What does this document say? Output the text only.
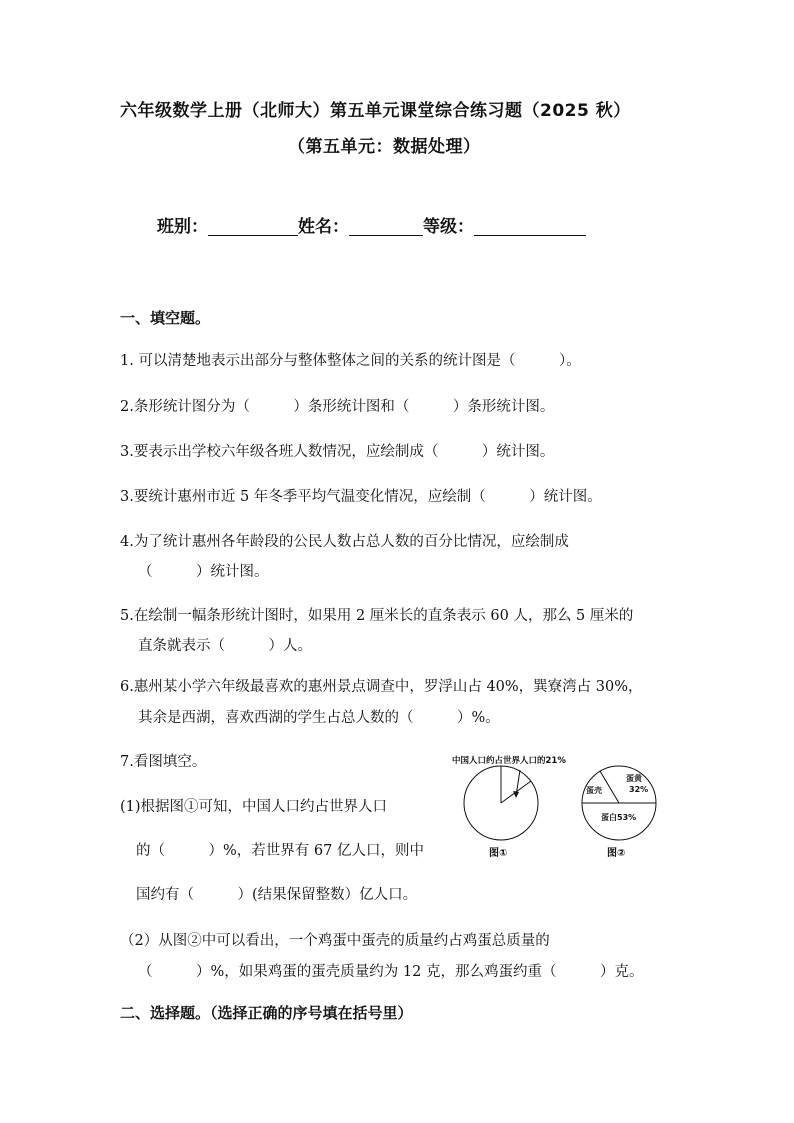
六年级数学上册（北师大）第五单元课堂综合练习题（2025 秋）
（第五单元：数据处理）
班别：	姓名：	等级：
一、填空题。
1. 可以清楚地表示出部分与整体整体之间的关系的统计图是（　　　）。
2.条形统计图分为（　　　）条形统计图和（　　　）条形统计图。
3.要表示出学校六年级各班人数情况，应绘制成（　　　）统计图。
3.要统计惠州市近 5 年冬季平均气温变化情况，应绘制（　　　）统计图。
4.为了统计惠州各年龄段的公民人数占总人数的百分比情况，应绘制成
（　　　）统计图。
5.在绘制一幅条形统计图时，如果用 2 厘米长的直条表示 60 人，那么 5 厘米的
直条就表示（　　　）人。
6.惠州某小学六年级最喜欢的惠州景点调查中，罗浮山占 40%，巽寮湾占 30%，
其余是西湖，喜欢西湖的学生占总人数的（　　　）%。
7.看图填空。
(1)根据图①可知，中国人口约占世界人口
的（　　　）%，若世界有 67 亿人口，则中
国约有（　　　）(结果保留整数）亿人口。
（2）从图②中可以看出，一个鸡蛋中蛋壳的质量约占鸡蛋总质量的
（　　　）%，如果鸡蛋的蛋壳质量约为 12 克，那么鸡蛋约重（　　　）克。
中国人口约占世界人口的21%
图①
蛋黄
32%
蛋壳
蛋白53%
图②
二、选择题。（选择正确的序号填在括号里）
